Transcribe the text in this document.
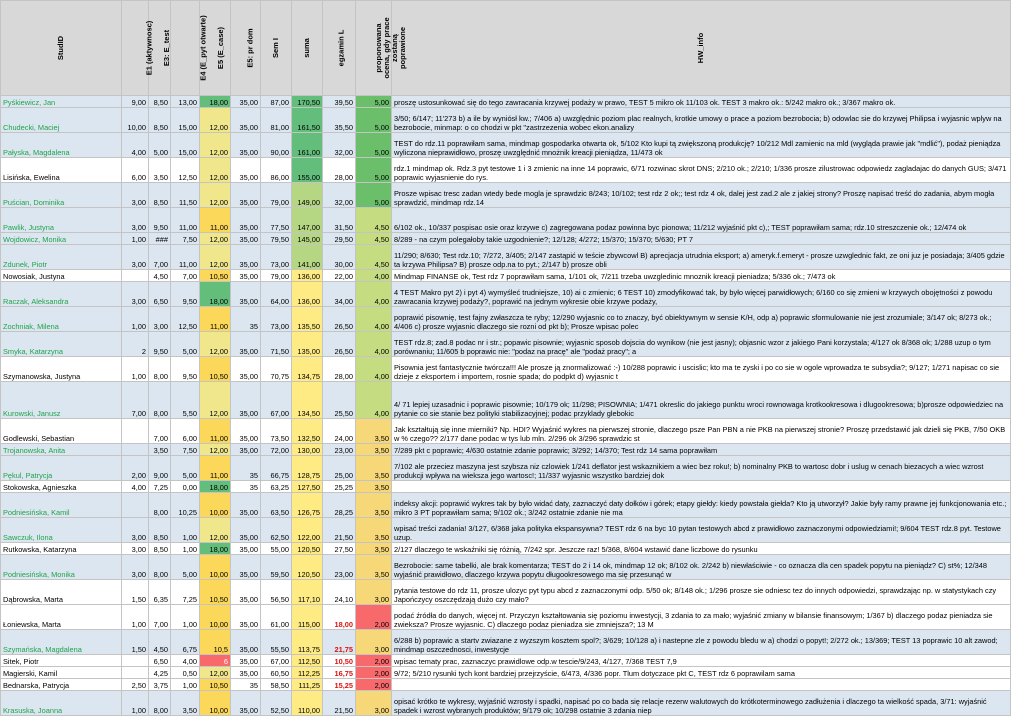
StudID	E1 (aktywnosc)	E3: E_test	E4 (E_pyt otwarte)	E5 (E_case)	E5: pr dom	Sem I	suma	egzamin L	proponowana ocena, gdy prace zostaną poprawione	HW_info
Pyśkiewicz, Jan	9,00	8,50	13,00	18,00	35,00	87,00	170,50	39,50	5,00	proszę ustosunkować się do tego zawracania krzywej podaży w prawo, TEST 5 mikro ok 11/103 ok. TEST 3 makro ok.: 5/242 makro ok.; 3/367 makro ok.
Chudecki, Maciej	10,00	8,50	15,00	12,00	35,00	81,00	161,50	35,50	5,00	3/50; 6/147; 11'273 b) a ile by wyniósł kw.; 7/406 a) uwzględnic poziom plac realnych, krotkie umowy o prace a poziom bezrobocia; b) odowlac sie do krzywej Philipsa i wyjasnic wplyw na bezrobocie, minmap: o co chodzi w pkt "zastrzezenia wobec ekon.analizy
Pałyska, Magdalena	4,00	5,00	15,00	12,00	35,00	90,00	161,00	32,00	5,00	TEST do rdz.11 poprawiłam sama, mindmap gospodarka otwarta ok, 5/102 Kto kupi tą zwiększoną produkcję? 10/212 Mdl zamienic na mld (wygląda prawie jak "mdlić"), podaż pieniądza wyliczona nieprawidłowo, proszę uwzględnić mnożnik kreacji pieniądza, 11/473 ok
Lisińska, Ewelina	6,00	3,50	12,50	12,00	35,00	86,00	155,00	28,00	5,00	rdz.1 mindmap ok. Rdz.3 pyt testowe 1 i 3 zmienic na inne 14 poprawic, 6/71 rozwinac skrot DNS; 2/210 ok.; 2/210; 1/336 prosze zilustrowac odpowiedz zagladajac do danych GUS; 3/471 poprawic wyjasnienie do rys.
Puścian, Dominika	3,00	8,50	11,50	12,00	35,00	79,00	149,00	32,00	5,00	Prosze wpisac tresc zadan wtedy bede mogla je sprawdzic 8/243; 10/102; test rdz 2 ok;; test rdz 4 ok, dalej jest zad.2 ale z jakiej strony? Proszę napisać treść do zadania, abym mogła sprawdzić, mindmap rdz.14
Pawlik, Justyna	3,00	9,50	11,00	11,00	35,00	77,50	147,00	31,50	4,50	6/102 ok., 10/337 pospisac osie oraz krzywe c) zagregowana podaz powinna byc pionowa; 11/212 wyjaśnić pkt c),; TEST poprawiłam sama; rdz.10 streszczenie ok.; 12/474 ok
Wojdowicz, Monika	1,00	###	7,50	12,00	35,00	79,50	145,00	29,50	4,50	8/289 - na czym polegałoby takie uzgodnienie?; 12/128; 4/272; 15/370; 15/370; 5/630; PT 7
Zdunek, Piotr	3,00	7,00	11,00	12,00	35,00	73,00	141,00	30,00	4,50	11/290; 8/630; Test rdz.10; 7/272, 3/405; 2/147 zastąpić w teście zbywcowl B) aprecjacja utrudnia eksport; a) ameryk.f.emeryt - prosze uzwglednic fakt, ze oni juz je posiadaja; 3/405 gdzie ta krzywa Philipsa? B) prosze odp.na to pyt.; 2/147 b) prosze obli
Nowosiak, Justyna		4,50	7,00	10,50	35,00	79,00	136,00	22,00	4,00	Mindmap FINANSE ok, Test rdz 7 poprawiłam sama, 1/101 ok, 7/211 trzeba uwzgledinic mnoznik kreacji pieniadza; 5/336 ok.; 7/473 ok
Raczak, Aleksandra	3,00	6,50	9,50	18,00	35,00	64,00	136,00	34,00	4,00	4 TEST Makro pyt 2) i pyt 4) wymyśleć trudniejsze, 10) ai c zmienic; 6 TEST 10) zmodyfikować tak, by było więcej parwidłowych; 6/160 co się zmieni w krzywych obojętności z powodu zawracania krzywej podaży?, poprawić na jednym wykresie obie krzywe podaży,
Zochniak, Milena	1,00	3,00	12,50	11,00	35	73,00	135,50	26,50	4,00	poprawić pisownię, test fajny zwłaszcza te ryby; 12/290 wyjasnic co to znaczy, być obiektywnym w sensie K/H, odp a) poprawic sformulowanie nie jest zrozumiale; 3/147 ok; 8/273 ok.; 4/406 c) prosze wyjasnic dlaczego sie rozni od pkt b); Prosze wpisac polec
Smyka, Katarzyna	2	9,50	5,00	12,00	35,00	71,50	135,00	26,50	4,00	TEST rdz.8; zad.8 podac nr i str.; popawic pisownie; wyjasnic sposob dojscia do wynikow (nie jest jasny); objasnic wzor z jakiego Pani korzystala; 4/127 ok 8/368 ok; 1/288 uzup o tym porównaniu; 11/605 b poprawic nie: "podaz na pracę" ale "podaż pracy"; a
Szymanowska, Justyna	1,00	8,00	9,50	10,50	35,00	70,75	134,75	28,00	4,00	Pisownia jest fantastycznie twórcza!!! Ale prosze ją znormalizować :-) 10/288 poprawic i uscislic; kto ma te zyski i po co sie w ogole wprowadza te subsydia?; 9/127; 1/271 napisac co sie dzieje z eksportem i importem, rosnie spada; do podpkt d) wyjasnic t
Kurowski, Janusz	7,00	8,00	5,50	12,00	35,00	67,00	134,50	25,50	4,00	4/ 71 lepiej uzasadnic i poprawic pisownie; 10/179 ok; 11/298; PISOWNIA; 1/471 okreslic do jakiego punktu wroci rownowaga krotkookresowa i dlugookresowa; b)prosze odpowiedziec na pytanie co sie stanie bez polityki stabilizacyjnej; podac przyklady glebokic
Godlewski, Sebastian		7,00	6,00	11,00	35,00	73,50	132,50	24,00	3,50	Jak kształtują się inne mierniki? Np. HDI? Wyjaśnić wykres na pierwszej stronie, dlaczego psze Pan PBN a nie PKB na pierwszej stronie? Proszę przedstawić jak dzieli się PKB, 7/50 OKB w % czego?? 2/177 dane podac w tys lub mln. 2/296 ok 3/296 sprawdzic st
Trojanowska, Anita		3,50	7,50	12,00	35,00	72,00	130,00	23,00	3,50	7/289 pkt c poprawic; 4/630 ostatnie zdanie poprawic; 3/292; 14/370; Test rdz 14 sama poprawiłam
Pękul, Patrycja	2,00	9,00	5,00	11,00	35	66,75	128,75	25,00	3,50	7/102 ale przeciez maszyna jest szybsza niz czlowiek 1/241 deflator jest wskaznikiem a wiec bez roku!; b) nominalny PKB to wartosc dobr i uslug w cenach biezacych a wiec wzrost produkcji wpływa na wieksza jego wartosc!; 11/337 wyjasnic wszystko bardziej dok
Stokowska, Agnieszka	4,00	7,25	0,00	18,00	35	63,25	127,50	25,25	3,50	
Podniesińska, Kamil		8,00	10,25	10,00	35,00	63,50	126,75	28,25	3,50	indeksy akcji: poprawić wykres tak by było widać daty, zaznaczyć daty dołków i górek; etapy giełdy: kiedy powstała giełda? Kto ją utworzył? Jakie były ramy prawne jej funkcjonowania etc.; mikro 3 PT poprawiłam sama; 9/102 ok.; 3/242 ostatnie zdanie nie ma
Sawczuk, Ilona	3,00	8,50	1,00	12,00	35,00	62,50	122,00	21,50	3,50	wpisać treści zadania! 3/127, 6/368 jaka polityka ekspansywna? TEST rdz 6 na byc 10 pytan testowych abcd z prawidłowo zaznaczonymi odpowiedziami!; 9/604 TEST rdz.8 pyt. Testowe uzup.
Rutkowska, Katarzyna	3,00	8,50	1,00	18,00	35,00	55,00	120,50	27,50	3,50	2/127 dlaczego te wskaźniki się różnią, 7/242 spr. Jeszcze raz! 5/368, 8/604 wstawić dane liczbowe do rysunku
Podniesińska, Monika	3,00	8,00	5,00	10,00	35,00	59,50	120,50	23,00	3,50	Bezrobocie: same tabelki, ale brak komentarza; TEST do 2 i 14 ok, mindmap 12 ok; 8/102 ok. 2/242 b) niewłaściwie - co oznacza dla cen spadek popytu na pieniądz? C) st%; 12/348 wyjaśnić prawidłowo, dlaczego krzywa popytu długookresowego ma się przesunąć w
Dąbrowska, Marta	1,50	6,35	7,25	10,50	35,00	56,50	117,10	24,10	3,00	pytania testowe do rdz 11, prosze ulozyc pyt typu abcd z zaznaczonymi odp. 5/50 ok; 8/148 ok.; 1/296 prosze sie odniesc tez do innych odpowiedzi, sprawdzając np. w statystykach czy Japończycy oszczędzają dużo czy mało?
Łoniewska, Marta	1,00	7,00	1,00	10,00	35,00	61,00	115,00	18,00	2,00	podać źródła do danych, więcej nt. Przyczyn kształtowania się poziomu inwestycji, 3 zdania to za mało; wyjaśnić zmiany w bilansie finansowym; 1/367 b) dlaczego podaz pieniadza sie zwieksza? Prosze wyjasnic. C) dlaczego podaz pieniadza sie zmniejsza?; 13 M
Szymańska, Magdalena	1,50	4,50	6,75	10,5	35,00	55,50	113,75	21,75	3,00	6/288 b) poprawic a startv zwiazane z wyzszym kosztem spol?; 3/629; 10/128 a) i nastepne zle z powodu bledu w a) chodzi o popyt!; 2/272 ok.; 13/369; TEST 13 poprawic 10 alt zawod; mindmap oszczednosci, inwestycje
Sitek, Piotr		6,50	4,00	6	35,00	67,00	112,50	10,50	2,00	wpisac tematy prac, zaznaczyc prawidlowe odp.w tescie/9/243, 4/127, 7/368 TEST 7,9
Magierski, Kamil		4,25	0,50	12,00	35,00	60,50	112,25	16,75	2,00	9/72; 5/210 rysunki tych kont bardziej przejrzyście, 6/473, 4/336 popr. Tlum dotyczace pkt C, TEST rdz 6 poprawilam sama
Bednarska, Patrycja	2,50	3,75	1,00	10,50	35	58,50	111,25	15,25	2,00	
Krasuska, Joanna	1,00	8,00	3,50	10,00	35,00	52,50	110,00	21,50	3,00	opisać krótko te wykresy, wyjaśnić wzrosty i spadki, napisać po co bada się relacje rezerw walutowych do krótkoterminowego zadłużenia i dlaczego ta wielkość spada, 3/71: wyjaśnić spadek i wzrost wybranych produktów; 9/179 ok; 10/298 ostatnie 3 zdania niep
